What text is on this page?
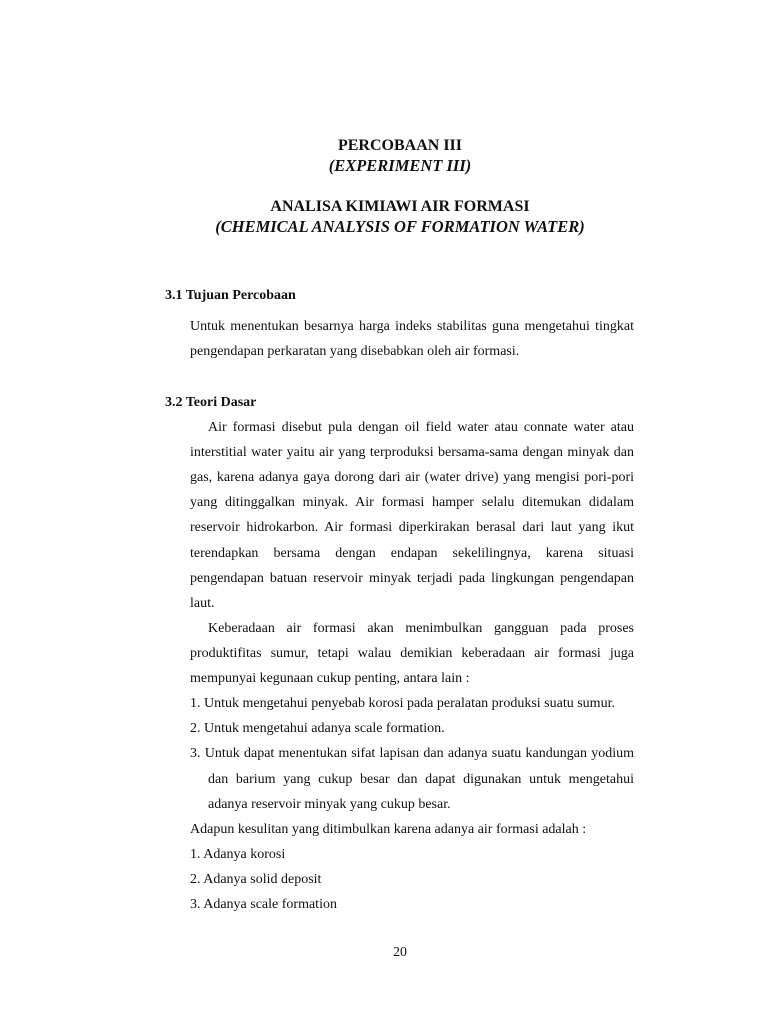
PERCOBAAN III
(EXPERIMENT III)
ANALISA KIMIAWI AIR FORMASI
(CHEMICAL ANALYSIS OF FORMATION WATER)
3.1 Tujuan Percobaan
Untuk menentukan besarnya harga indeks stabilitas guna mengetahui tingkat
pengendapan perkaratan yang disebabkan oleh air formasi.
3.2 Teori Dasar
Air formasi disebut pula dengan oil field water atau connate water atau
interstitial water yaitu air yang terproduksi bersama-sama dengan minyak dan
gas, karena adanya gaya dorong dari air (water drive) yang mengisi pori-pori
yang ditinggalkan minyak. Air formasi hamper selalu ditemukan didalam
reservoir hidrokarbon. Air formasi diperkirakan berasal dari laut yang ikut
terendapkan bersama dengan endapan sekelilingnya, karena situasi
pengendapan batuan reservoir minyak terjadi pada lingkungan pengendapan
laut.
Keberadaan air formasi akan menimbulkan gangguan pada proses
produktifitas sumur, tetapi walau demikian keberadaan air formasi juga
mempunyai kegunaan cukup penting, antara lain :
1. Untuk mengetahui penyebab korosi pada peralatan produksi suatu sumur.
2. Untuk mengetahui adanya scale formation.
3. Untuk dapat menentukan sifat lapisan dan adanya suatu kandungan yodium
dan barium yang cukup besar dan dapat digunakan untuk mengetahui
adanya reservoir minyak yang cukup besar.
Adapun kesulitan yang ditimbulkan karena adanya air formasi adalah :
1. Adanya korosi
2. Adanya solid deposit
3. Adanya scale formation
20
